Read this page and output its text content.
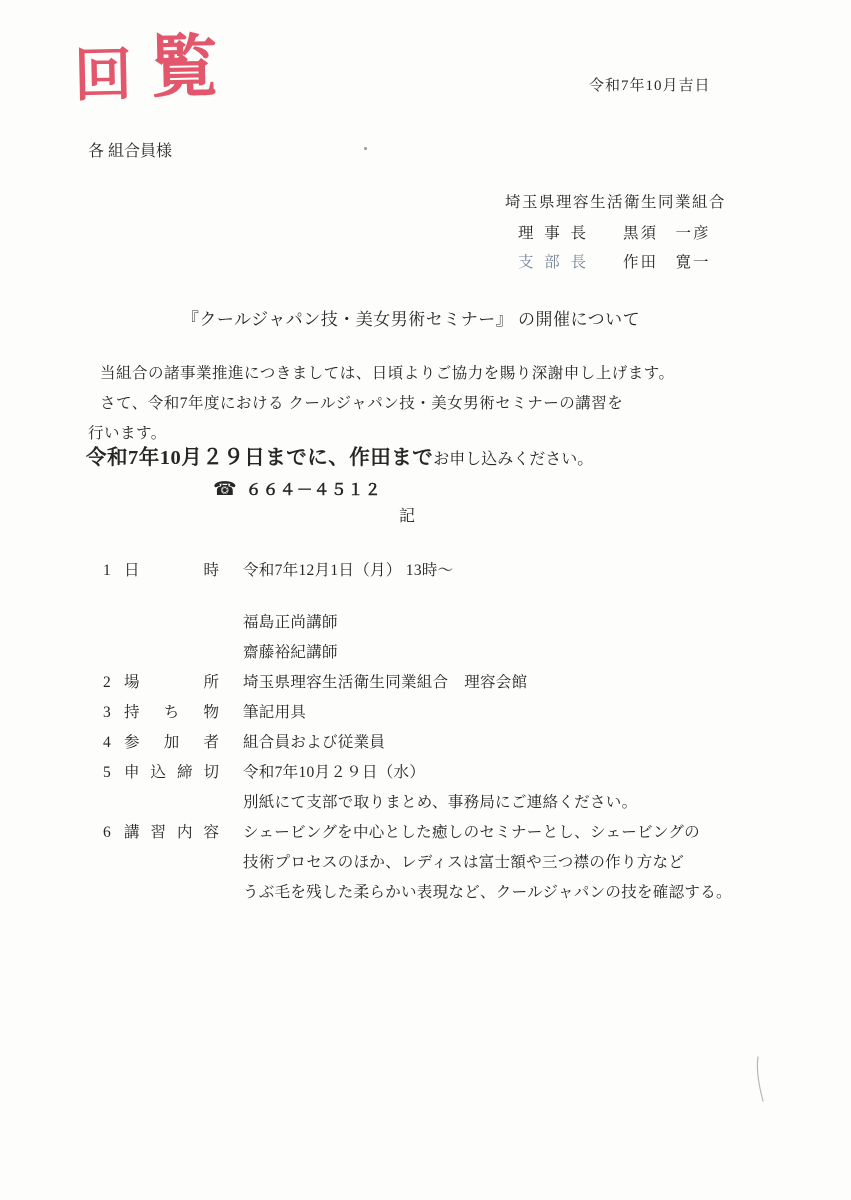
回 覧	令和7年10月吉日
各 組合員様
埼玉県理容生活衛生同業組合
理事長 黒須　一彦
支部長 作田　寛一
『クールジャパン技・美女男術セミナー』 の開催について
当組合の諸事業推進につきましては、日頃よりご協力を賜り深謝申し上げます。
さて、令和7年度における クールジャパン技・美女男術セミナーの講習を
行います。
令和7年10月２９日までに、作田までお申し込みください。
☎ ６６４－４５１２
記
1 日時 令和7年12月1日（月） 13時～
福島正尚講師
齋藤裕紀講師
2 場所 埼玉県理容生活衛生同業組合　理容会館
3 持ち物 筆記用具
4 参加者 組合員および従業員
5 申込締切 令和7年10月２９日（水）
別紙にて支部で取りまとめ、事務局にご連絡ください。
6 講習内容 シェービングを中心とした癒しのセミナーとし、シェービングの
技術プロセスのほか、レディスは富士額や三つ襟の作り方など
うぶ毛を残した柔らかい表現など、クールジャパンの技を確認する。
